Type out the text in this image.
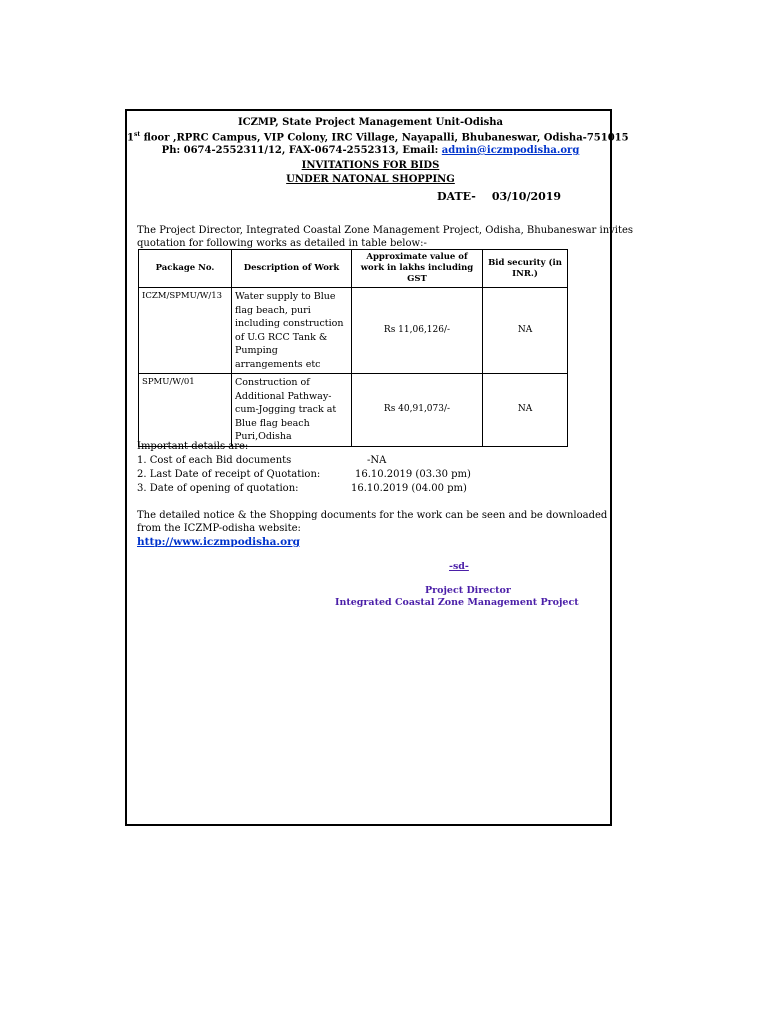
ICZMP, State Project Management Unit-Odisha
1st floor ,RPRC Campus, VIP Colony, IRC Village, Nayapalli, Bhubaneswar, Odisha-751015
Ph: 0674-2552311/12, FAX-0674-2552313, Email: admin@iczmpodisha.org
INVITATIONS FOR BIDS
UNDER NATONAL SHOPPING
DATE- 03/10/2019
The Project Director, Integrated Coastal Zone Management Project, Odisha, Bhubaneswar invites
quotation for following works as detailed in table below:-
Package No.	Description of Work	Approximate value of work in lakhs including GST	Bid security (in INR.)
ICZM/SPMU/W/13	Water supply to Blue flag beach, puri including construction of U.G RCC Tank & Pumping arrangements etc	Rs 11,06,126/-	NA
SPMU/W/01	Construction of Additional Pathway-cum-Jogging track at Blue flag beach Puri,Odisha	Rs 40,91,073/-	NA
Important details are:
1. Cost of each Bid documents	-NA
2. Last Date of receipt of Quotation:	16.10.2019 (03.30 pm)
3. Date of opening of quotation:	16.10.2019 (04.00 pm)
The detailed notice & the Shopping documents for the work can be seen and be downloaded
from the ICZMP-odisha website:
http://www.iczmpodisha.org
-sd-
Project Director
Integrated Coastal Zone Management Project
